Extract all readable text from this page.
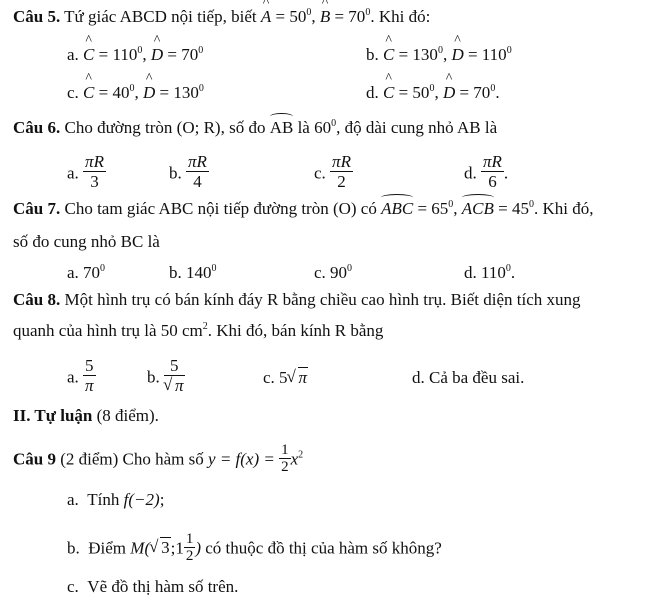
Câu 5. Tứ giác ABCD nội tiếp, biết A ^ = $50^0$, B ^ = $70^0$. Khi đó:
a. C ^ = $110^0$, D ^ = $70^0$	b. C ^ = $130^0$, D ^ = $110^0$
c. C ^ = $40^0$, D ^ = $130^0$	d. C ^ = $50^0$, D ^ = $70^0$.
Câu 6. Cho đường tròn (O; R), số đo AB là $60^0$, độ dài cung nhỏ AB là
a. $\frac{\pi R}{3}$	b. $\frac{\pi R}{4}$	c. $\frac{\pi R}{2}$	d. $\frac{\pi R}{6}$ .
Câu 7. Cho tam giác ABC nội tiếp đường tròn (O) có ABC = $65^0$, ACB = $45^0$. Khi đó,
số đo cung nhỏ BC là
a. $70^0$	b. $140^0$	c. $90^0$	d. $110^0$.
Câu 8. Một hình trụ có bán kính đáy R bằng chiều cao hình trụ. Biết diện tích xung
quanh của hình trụ là 50 $cm^2$. Khi đó, bán kính R bằng
a. $\frac{5}{\pi}$	b. 5
√ π	c. 5 √ π	d. Cả ba đều sai.
II. Tự luận (8 điểm).
Câu 9 (2 điểm) Cho hàm số $y = f(x) = \frac{1}{2} x^2$
a. Tính f(−2);
b. Điểm M( √ 3;1 $\frac{1}{2}$ ) có thuộc đồ thị của hàm số không?
c. Vẽ đồ thị hàm số trên.
